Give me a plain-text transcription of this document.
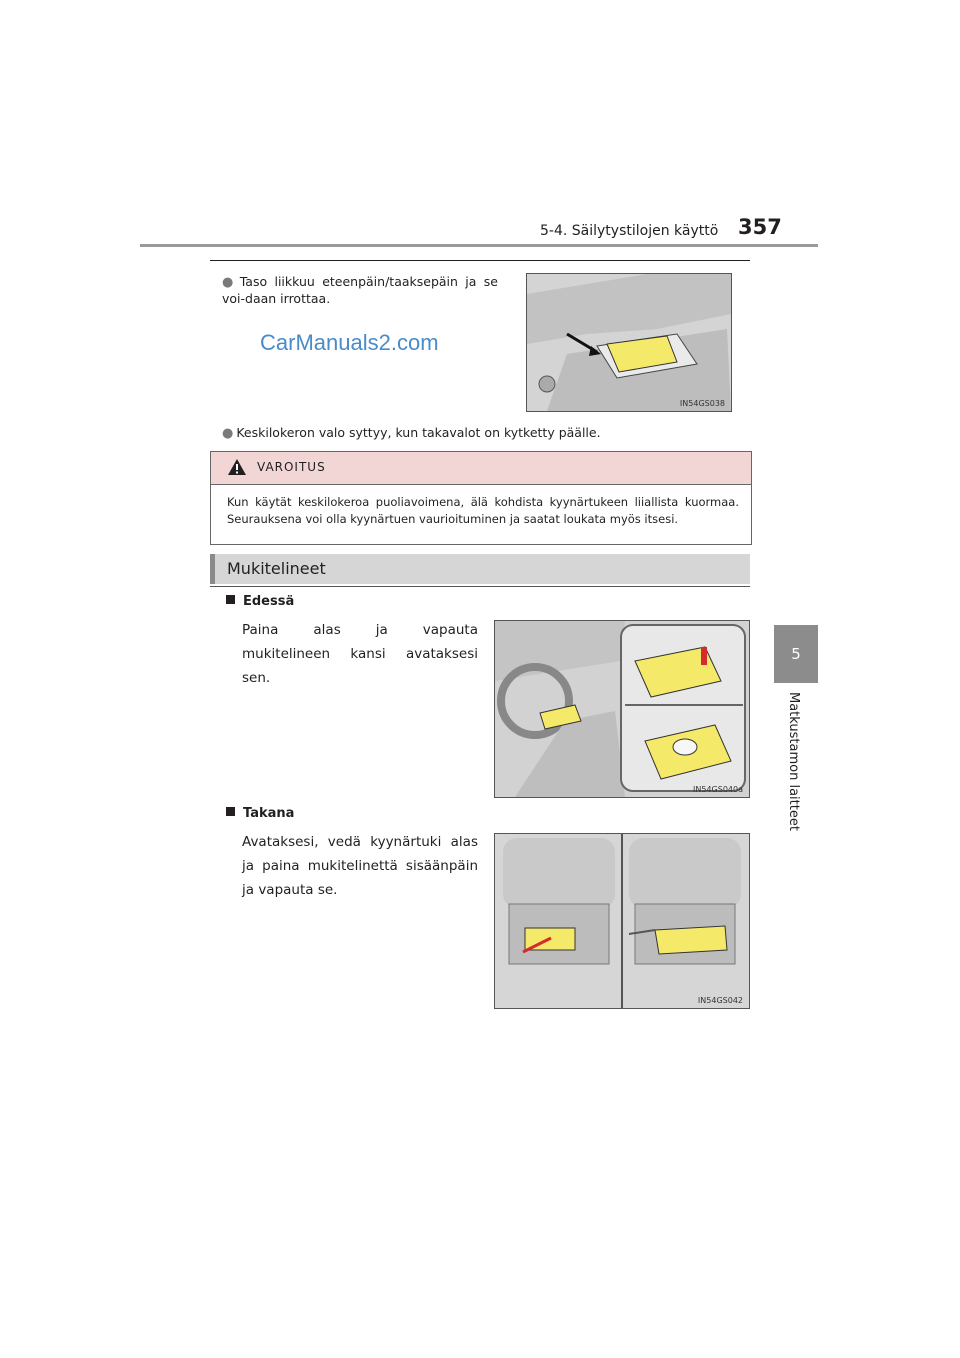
5-4. Säilytystilojen käyttö 357
5
Matkustamon laitteet
● Taso liikkuu eteenpäin/taaksepäin ja se voi-daan irrottaa.
CarManuals2.com
IN54GS038
● Keskilokeron valo syttyy, kun takavalot on kytketty päälle.
VAROITUS
Kun käytät keskilokeroa puoliavoimena, älä kohdista kyynärtukeen liiallista kuormaa. Seurauksena voi olla kyynärtuen vaurioituminen ja saatat loukata myös itsesi.
Mukitelineet
Edessä
Paina alas ja vapauta mukitelineen kansi avataksesi sen.
IN54GS040a
Takana
Avataksesi, vedä kyynärtuki alas ja paina mukitelinettä sisäänpäin ja vapauta se.
IN54GS042
